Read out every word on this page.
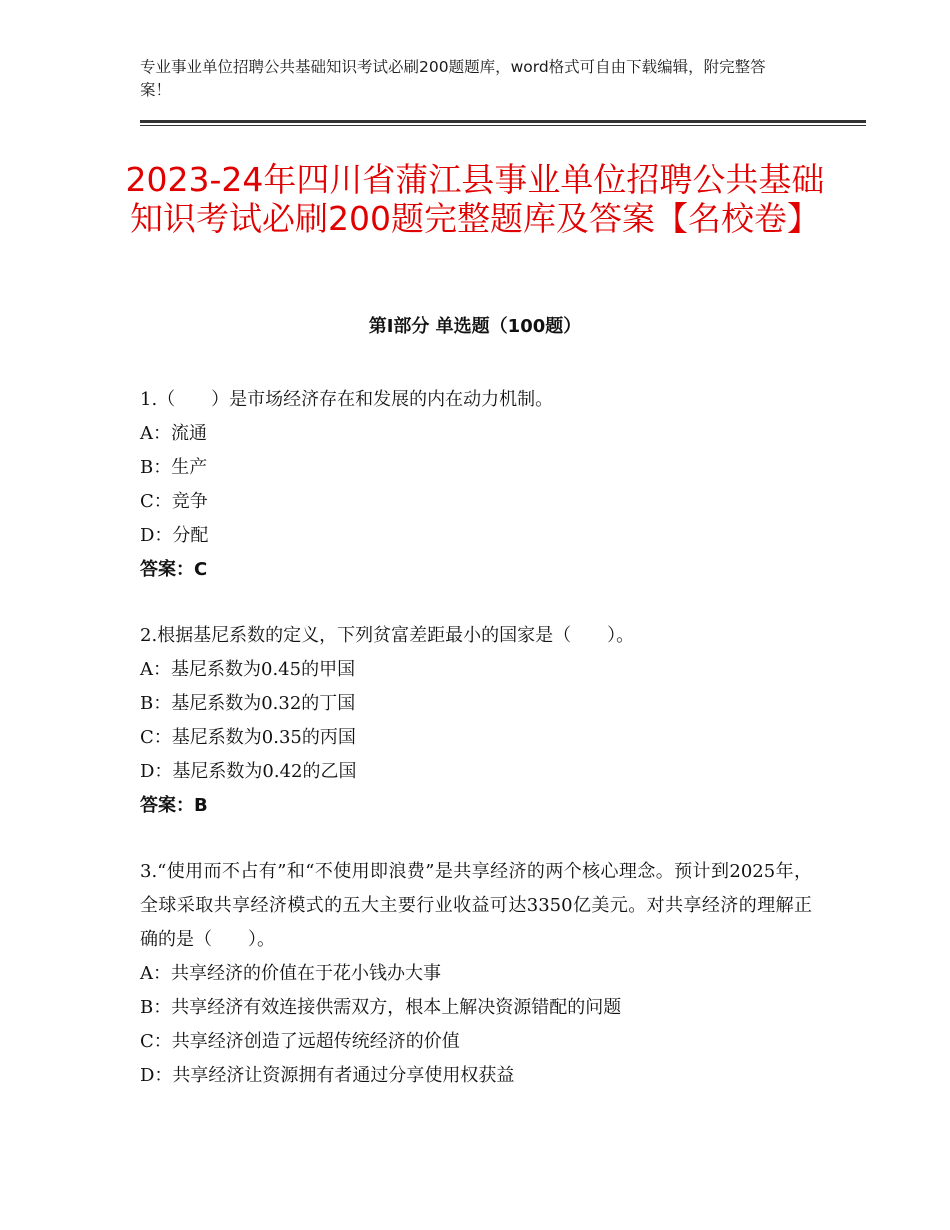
专业事业单位招聘公共基础知识考试必刷200题题库，word格式可自由下载编辑，附完整答案！
2023-24年四川省蒲江县事业单位招聘公共基础知识考试必刷200题完整题库及答案【名校卷】
第Ⅰ部分 单选题（100题）

1.（　　）是市场经济存在和发展的内在动力机制。

A：流通

B：生产

C：竞争

D：分配

答案：C

2.根据基尼系数的定义，下列贫富差距最小的国家是（　　）。

A：基尼系数为0.45的甲国

B：基尼系数为0.32的丁国

C：基尼系数为0.35的丙国

D：基尼系数为0.42的乙国

答案：B

3.“使用而不占有”和“不使用即浪费”是共享经济的两个核心理念。预计到2025年，全球采取共享经济模式的五大主要行业收益可达3350亿美元。对共享经济的理解正确的是（　　）。

A：共享经济的价值在于花小钱办大事

B：共享经济有效连接供需双方，根本上解决资源错配的问题

C：共享经济创造了远超传统经济的价值

D：共享经济让资源拥有者通过分享使用权获益
